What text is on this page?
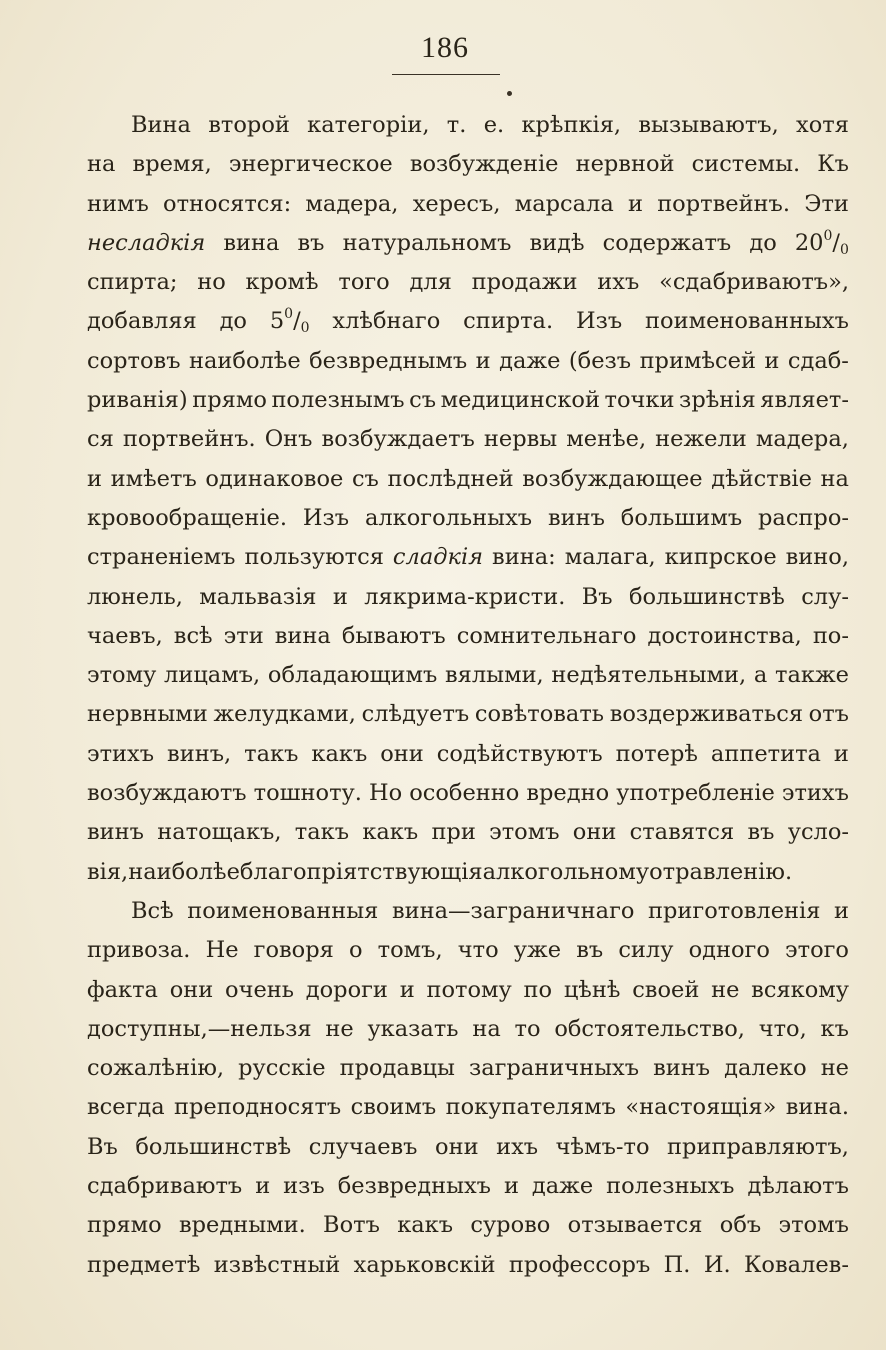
186
Вина второй категоріи, т. е. крѣпкія, вызываютъ, хотя
на время, энергическое возбужденіе нервной системы. Къ
нимъ относятся: мадера, хересъ, марсала и портвейнъ. Эти
неcладкія вина въ натуральномъ видѣ содержатъ до $20^0/_0$
спирта; но кромѣ того для продажи ихъ «сдабриваютъ»,
добавляя до $5^0/_0$ хлѣбнаго спирта. Изъ поименованныхъ
сортовъ наиболѣе безвреднымъ и даже (безъ примѣсей и сдаб-
риванія) прямо полезнымъ съ медицинской точки зрѣнія являет-
ся портвейнъ. Онъ возбуждаетъ нервы менѣе, нежели мадера,
и имѣетъ одинаковое съ послѣдней возбуждающее дѣйствіе на
кровообращеніе. Изъ алкогольныхъ винъ большимъ распро-
страненіемъ пользуются сладкія вина: малага, кипрское вино,
люнель, мальвазія и лякрима-кристи. Въ большинствѣ слу-
чаевъ, всѣ эти вина бываютъ сомнительнаго достоинства, по-
этому лицамъ, обладающимъ вялыми, недѣятельными, а также
нервными желудками, слѣдуетъ совѣтовать воздерживаться отъ
этихъ винъ, такъ какъ они содѣйствуютъ потерѣ аппетита и
возбуждаютъ тошноту. Но особенно вредно употребленіе этихъ
винъ натощакъ, такъ какъ при этомъ они ставятся въ усло-
вія, наиболѣе благопріятствующія алкогольному отравленію.
Всѣ поименованныя вина—заграничнаго приготовленія и
привоза. Не говоря о томъ, что уже въ силу одного этого
факта они очень дороги и потому по цѣнѣ своей не всякому
доступны,—нельзя не указать на то обстоятельство, что, къ
сожалѣнію, русскіе продавцы заграничныхъ винъ далеко не
всегда преподносятъ своимъ покупателямъ «настоящія» вина.
Въ большинствѣ случаевъ они ихъ чѣмъ-то приправляютъ,
сдабриваютъ и изъ безвредныхъ и даже полезныхъ дѣлаютъ
прямо вредными. Вотъ какъ сурово отзывается объ этомъ
предметѣ извѣстный харьковскій профессоръ П. И. Ковалев-
